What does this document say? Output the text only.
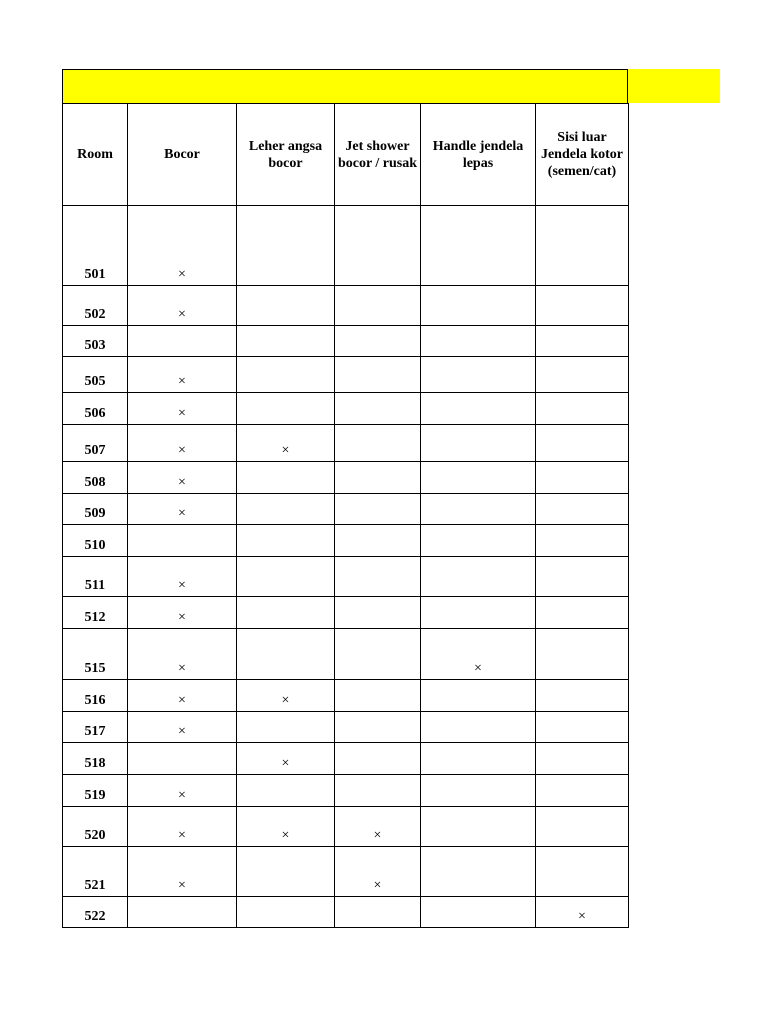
Room	Bocor	Leher angsa bocor	Jet shower bocor / rusak	Handle jendela lepas	Sisi luar Jendela kotor (semen/cat)
501	×				
502	×				
503					
505	×				
506	×				
507	×	×			
508	×				
509	×				
510					
511	×				
512	×				
515	×			×	
516	×	×			
517	×				
518		×			
519	×				
520	×	×	×		
521	×		×		
522					×
